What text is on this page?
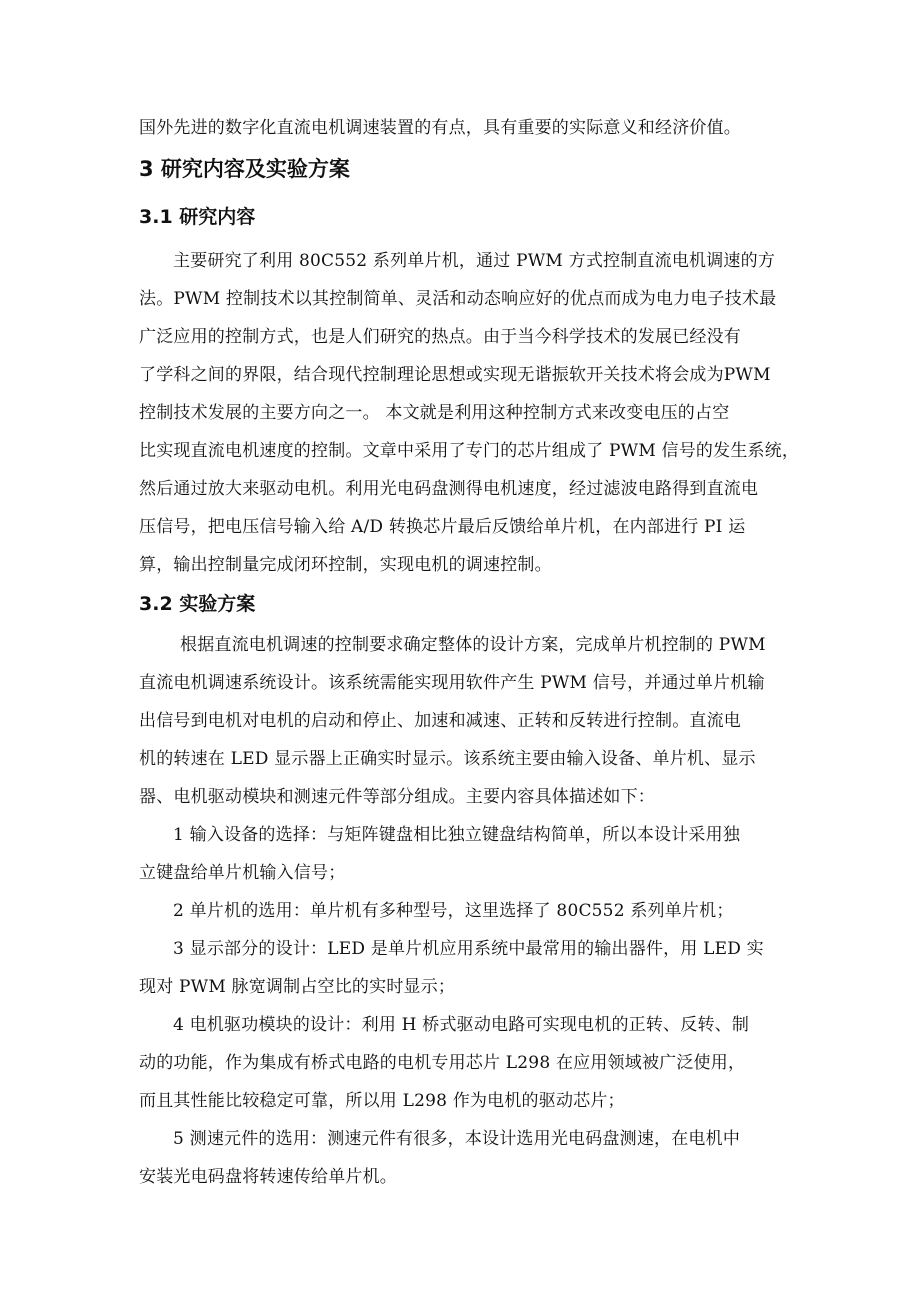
国外先进的数字化直流电机调速装置的有点，具有重要的实际意义和经济价值。
3 研究内容及实验方案
3.1 研究内容
主要研究了利用 80C552 系列单片机，通过 PWM 方式控制直流电机调速的方
法。PWM 控制技术以其控制简单、灵活和动态响应好的优点而成为电力电子技术最
广泛应用的控制方式，也是人们研究的热点。由于当今科学技术的发展已经没有
了学科之间的界限，结合现代控制理论思想或实现无谐振软开关技术将会成为PWM
控制技术发展的主要方向之一。 本文就是利用这种控制方式来改变电压的占空
比实现直流电机速度的控制。文章中采用了专门的芯片组成了 PWM 信号的发生系统，
然后通过放大来驱动电机。利用光电码盘测得电机速度，经过滤波电路得到直流电
压信号，把电压信号输入给 A/D 转换芯片最后反馈给单片机，在内部进行 PI 运
算，输出控制量完成闭环控制，实现电机的调速控制。
3.2 实验方案
根据直流电机调速的控制要求确定整体的设计方案，完成单片机控制的 PWM
直流电机调速系统设计。该系统需能实现用软件产生 PWM 信号，并通过单片机输
出信号到电机对电机的启动和停止、加速和减速、正转和反转进行控制。直流电
机的转速在 LED 显示器上正确实时显示。该系统主要由输入设备、单片机、显示
器、电机驱动模块和测速元件等部分组成。主要内容具体描述如下：
1 输入设备的选择：与矩阵键盘相比独立键盘结构简单，所以本设计采用独
立键盘给单片机输入信号；
2 单片机的选用：单片机有多种型号，这里选择了 80C552 系列单片机；
3 显示部分的设计：LED 是单片机应用系统中最常用的输出器件，用 LED 实
现对 PWM 脉宽调制占空比的实时显示；
4 电机驱功模块的设计：利用 H 桥式驱动电路可实现电机的正转、反转、制
动的功能，作为集成有桥式电路的电机专用芯片 L298 在应用领域被广泛使用，
而且其性能比较稳定可靠，所以用 L298 作为电机的驱动芯片；
5 测速元件的选用：测速元件有很多，本设计选用光电码盘测速，在电机中
安装光电码盘将转速传给单片机。
